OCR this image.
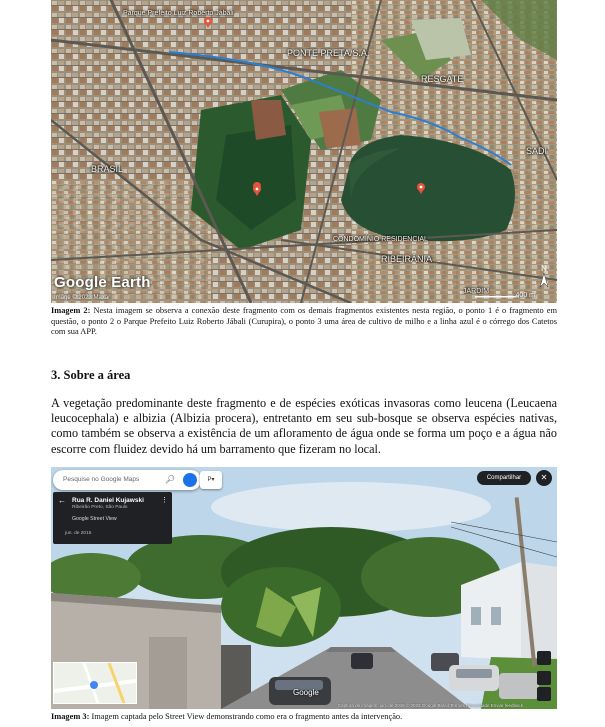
PONTE PRETA/S.A.
Parque Prefeito Luiz Roberto Jábali
BRASIL
RESGATE
SADI
CONDOMÍNIO RESIDENCIAL
RIBEIRÂNIA
JARDIM
Google Earth
Image © 2023 Maxar	400 m
N
Imagem 2: Nesta imagem se observa a conexão deste fragmento com os demais fragmentos existentes nesta região, o ponto 1 é o fragmento em questão, o ponto 2 o Parque Prefeito Luiz Roberto Jábali (Curupira), o ponto 3 uma área de cultivo de milho e a linha azul é o córrego dos Catetos com sua APP.
3. Sobre a área

A vegetação predominante deste fragmento e de espécies exóticas invasoras como leucena (Leucaena leucocephala) e albizia (Albizia procera), entretanto em seu sub-bosque se observa espécies nativas, como também se observa a existência de um afloramento de água onde se forma um poço e a água não escorre com fluidez devido há um barramento que fizeram no local.

Pesquise no Google Maps	🔎︎	P▾
← Rua R. Daniel Kujawski ⋮
Ribeirão Preto, São Paulo
Google Street View
jun. de 2015
Compartilhar	✕
Google
Captura de imagem: jun. de 2015 © 2023 Google Brasil Termos Privacidade Enviar feedback
Imagem 3: Imagem captada pelo Street View demonstrando como era o fragmento antes da intervenção.
